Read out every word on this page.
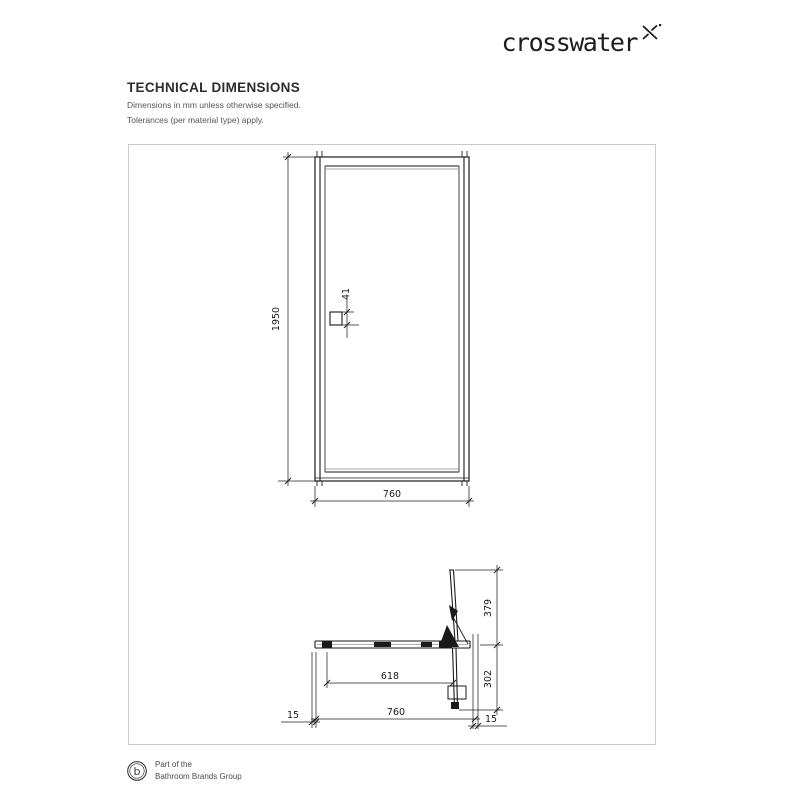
crosswater
TECHNICAL DIMENSIONS

Dimensions in mm unless otherwise specified.

Tolerances (per material type) apply.

1950
760
41
379
302
618
760
15	15
b
Part of the
Bathroom Brands Group
